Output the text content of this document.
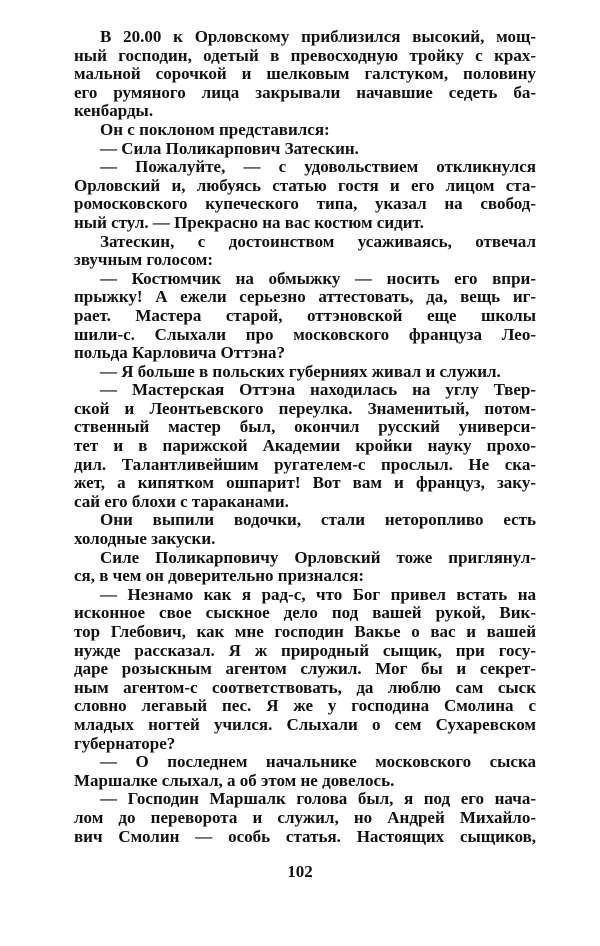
В 20.00 к Орловскому приблизился высокий, мощ-
ный господин, одетый в превосходную тройку с крах-
мальной сорочкой и шелковым галстуком, половину
его румяного лица закрывали начавшие седеть ба-
кенбарды.
Он с поклоном представился:
— Сила Поликарпович Затескин.
— Пожалуйте, — с удовольствием откликнулся
Орловский и, любуясь статью гостя и его лицом ста-
ромосковского купеческого типа, указал на свобод-
ный стул. — Прекрасно на вас костюм сидит.
Затескин, с достоинством усаживаясь, отвечал
звучным голосом:
— Костюмчик на обмыжку — носить его впри-
прыжку! А ежели серьезно аттестовать, да, вещь иг-
рает. Мастера старой, оттэновской еще школы
шили-с. Слыхали про московского француза Лео-
польда Карловича Оттэна?
— Я больше в польских губерниях живал и служил.
— Мастерская Оттэна находилась на углу Твер-
ской и Леонтьевского переулка. Знаменитый, потом-
ственный мастер был, окончил русский универси-
тет и в парижской Академии кройки науку прохо-
дил. Талантливейшим ругателем-с прослыл. Не ска-
жет, а кипятком ошпарит! Вот вам и француз, заку-
сай его блохи с тараканами.
Они выпили водочки, стали неторопливо есть
холодные закуски.
Силе Поликарповичу Орловский тоже приглянул-
ся, в чем он доверительно признался:
— Незнамо как я рад-с, что Бог привел встать на
исконное свое сыскное дело под вашей рукой, Вик-
тор Глебович, как мне господин Вакье о вас и вашей
нужде рассказал. Я ж природный сыщик, при госу-
даре розыскным агентом служил. Мог бы и секрет-
ным агентом-с соответствовать, да люблю сам сыск
словно легавый пес. Я же у господина Смолина с
младых ногтей учился. Слыхали о сем Сухаревском
губернаторе?
— О последнем начальнике московского сыска
Маршалке слыхал, а об этом не довелось.
— Господин Маршалк голова был, я под его нача-
лом до переворота и служил, но Андрей Михайло-
вич Смолин — особь статья. Настоящих сыщиков,
102
